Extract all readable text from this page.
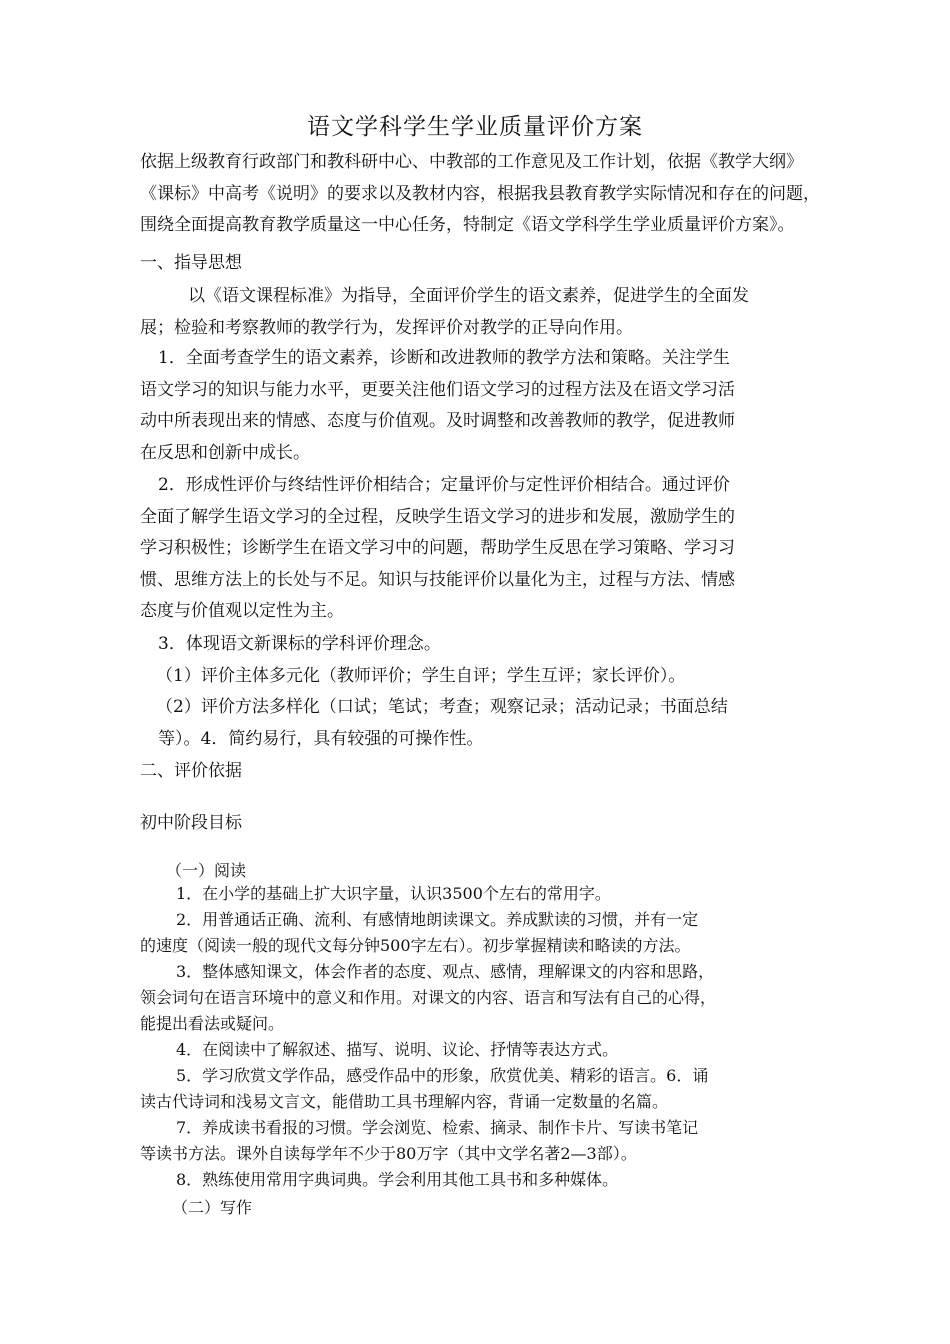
语文学科学生学业质量评价方案

依据上级教育行政部门和教科研中心、中教部的工作意见及工作计划，依据《教学大纲》

《课标》中高考《说明》的要求以及教材内容，根据我县教育教学实际情况和存在的问题，

围绕全面提高教育教学质量这一中心任务，特制定《语文学科学生学业质量评价方案》。

一、指导思想

以《语文课程标准》为指导，全面评价学生的语文素养，促进学生的全面发

展；检验和考察教师的教学行为，发挥评价对教学的正导向作用。

1．全面考查学生的语文素养，诊断和改进教师的教学方法和策略。关注学生

语文学习的知识与能力水平，更要关注他们语文学习的过程方法及在语文学习活

动中所表现出来的情感、态度与价值观。及时调整和改善教师的教学，促进教师

在反思和创新中成长。

2．形成性评价与终结性评价相结合；定量评价与定性评价相结合。通过评价

全面了解学生语文学习的全过程，反映学生语文学习的进步和发展，激励学生的

学习积极性；诊断学生在语文学习中的问题，帮助学生反思在学习策略、学习习

惯、思维方法上的长处与不足。知识与技能评价以量化为主，过程与方法、情感

态度与价值观以定性为主。

3．体现语文新课标的学科评价理念。

（1）评价主体多元化（教师评价；学生自评；学生互评；家长评价）。

（2）评价方法多样化（口试；笔试；考查；观察记录；活动记录；书面总结

等）。4．简约易行，具有较强的可操作性。

二、评价依据
初中阶段目标
（一）阅读

1．在小学的基础上扩大识字量，认识3500个左右的常用字。

2．用普通话正确、流利、有感情地朗读课文。养成默读的习惯，并有一定

的速度（阅读一般的现代文每分钟500字左右）。初步掌握精读和略读的方法。

3．整体感知课文，体会作者的态度、观点、感情，理解课文的内容和思路，

领会词句在语言环境中的意义和作用。对课文的内容、语言和写法有自己的心得，

能提出看法或疑问。

4．在阅读中了解叙述、描写、说明、议论、抒情等表达方式。

5．学习欣赏文学作品，感受作品中的形象，欣赏优美、精彩的语言。6．诵

读古代诗词和浅易文言文，能借助工具书理解内容，背诵一定数量的名篇。

7．养成读书看报的习惯。学会浏览、检索、摘录、制作卡片、写读书笔记

等读书方法。课外自读每学年不少于80万字（其中文学名著2—3部）。

8．熟练使用常用字典词典。学会利用其他工具书和多种媒体。

（二）写作
